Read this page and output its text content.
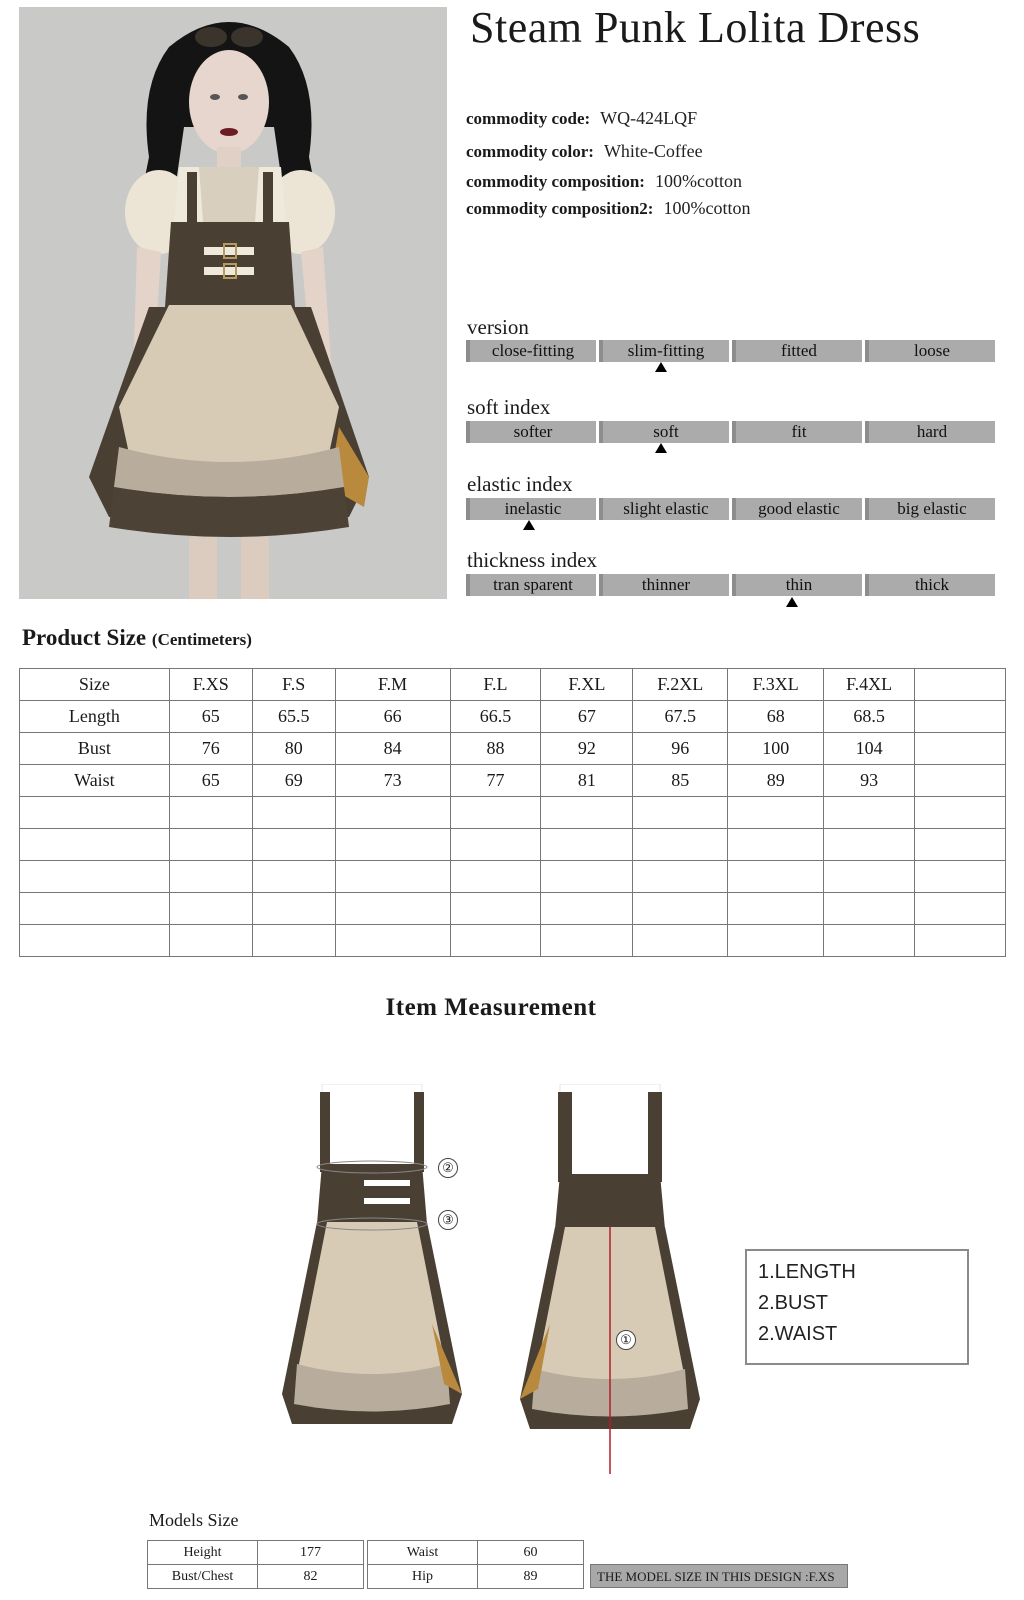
Steam Punk Lolita Dress
commodity code: WQ-424LQF
commodity color: White-Coffee
commodity composition: 100%cotton
commodity composition2: 100%cotton
version
close-fitting	slim-fitting	fitted	loose
soft index
softer	soft	fit	hard
elastic index
inelastic	slight elastic	good elastic	big elastic
thickness index
tran sparent	thinner	thin	thick
Product Size (Centimeters)
Size	F.XS	F.S	F.M	F.L	F.XL	F.2XL	F.3XL	F.4XL	
Length	65	65.5	66	66.5	67	67.5	68	68.5	
Bust	76	80	84	88	92	96	100	104	
Waist	65	69	73	77	81	85	89	93	

Item Measurement
②
③
①
1.LENGTH
2.BUST
2.WAIST
Models Size
Height	177
Bust/Chest	82
Waist	60
Hip	89	THE MODEL SIZE IN THIS DESIGN :F.XS
